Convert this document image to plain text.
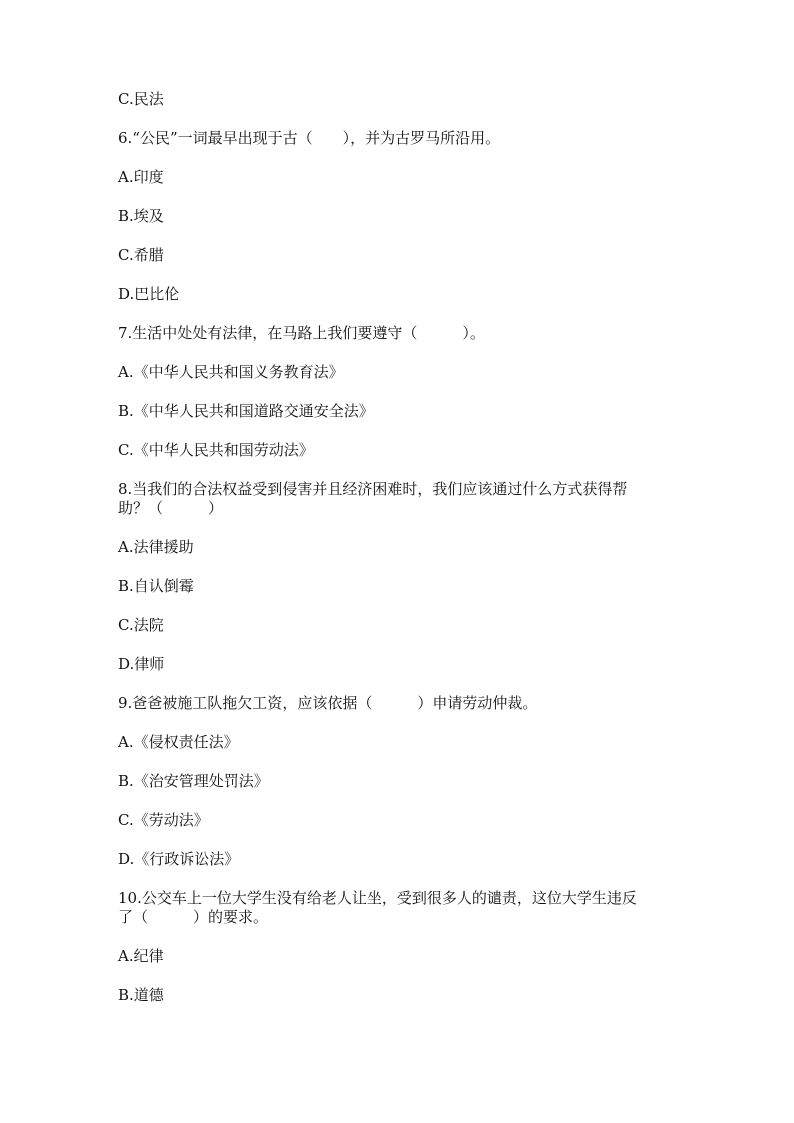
C.民法

6.“公民”一词最早出现于古（　　），并为古罗马所沿用。

A.印度

B.埃及

C.希腊

D.巴比伦

7.生活中处处有法律，在马路上我们要遵守（　　　）。

A.《中华人民共和国义务教育法》

B.《中华人民共和国道路交通安全法》

C.《中华人民共和国劳动法》

8.当我们的合法权益受到侵害并且经济困难时，我们应该通过什么方式获得帮

助？（　　　）

A.法律援助

B.自认倒霉

C.法院

D.律师

9.爸爸被施工队拖欠工资，应该依据（　　　）申请劳动仲裁。

A.《侵权责任法》

B.《治安管理处罚法》

C.《劳动法》

D.《行政诉讼法》

10.公交车上一位大学生没有给老人让坐，受到很多人的谴责，这位大学生违反

了（　　　）的要求。

A.纪律

B.道德
